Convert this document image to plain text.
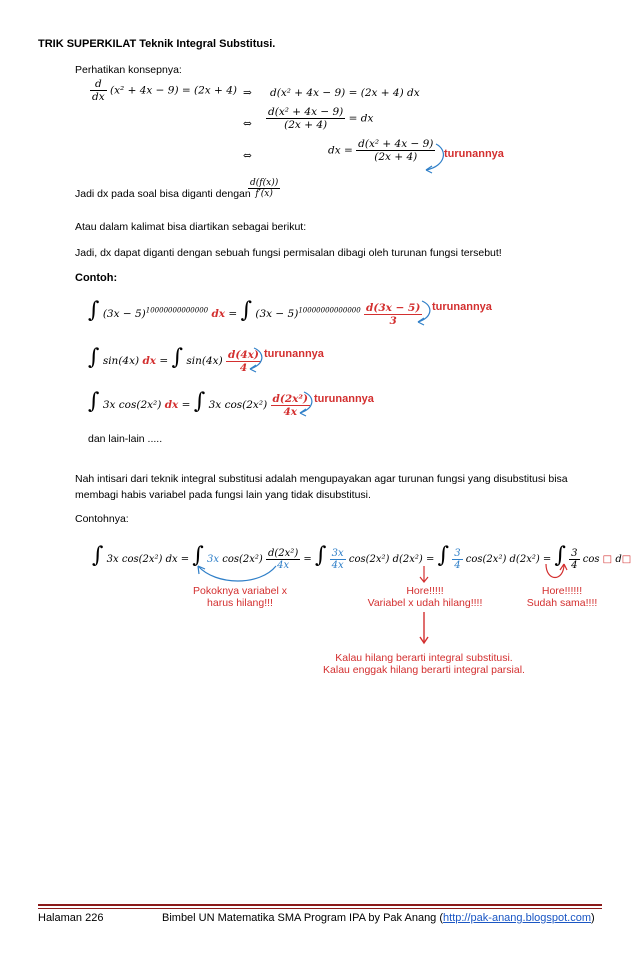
TRIK SUPERKILAT Teknik Integral Substitusi.
Perhatikan konsepnya:
$\frac{d}{dx} (x^2 + 4x - 9) = (2x + 4)$ ⇒ d(x² + 4x − 9) = (2x + 4) dx
⇔ $\frac{\text{d(x² + 4x − 9)}}{(2x + 4)}$ = dx
⇔	dx = $\frac{\text{d(x² + 4x − 9)}}{(2x + 4)}$ turunannya
Jadi dx pada soal bisa diganti dengan
$\frac{d(f(x))}{f'(x)}$
Atau dalam kalimat bisa diartikan sebagai berikut:
Jadi, dx dapat diganti dengan sebuah fungsi permisalan dibagi oleh turunan fungsi tersebut!
Contoh:
∫ $(3x - 5)^{10000000000000}$ dx = ∫ $(3x - 5)^{10000000000000} \frac{d(3x - 5)}{3}$ turunannya
∫ sin(4x) dx = ∫ $\sin(4x) \frac{d(4x)}{4}$ turunannya
∫ 3x cos(2x²) dx = ∫ 3x $\cos(2x^2) \frac{\text{d(2x²)}}{4x}$ turunannya
dan lain-lain .....
Nah intisari dari teknik integral substitusi adalah mengupayakan agar turunan fungsi yang disubstitusi bisa membagi habis variabel pada fungsi lain yang tidak disubstitusi.
Contohnya:
∫ 3x cos(2x²) dx = ∫ 3x $\cos(2x^2) \frac{\text{d(2x²)}}{4x}$ = ∫ $\frac{3x}{4x} \cos(2x^2) d(2x^2)$ = ∫ $\frac{3}{4} \cos(2x^2) d(2x^2)$ = ∫ $\frac{3}{4}$ cos □ d□
Pokoknya variabel x
harus hilang!!!
Hore!!!!!
Variabel x udah hilang!!!!
Hore!!!!!!
Sudah sama!!!!
Kalau hilang berarti integral substitusi.
Kalau enggak hilang berarti integral parsial.
Halaman 226	Bimbel UN Matematika SMA Program IPA by Pak Anang (http://pak-anang.blogspot.com)
